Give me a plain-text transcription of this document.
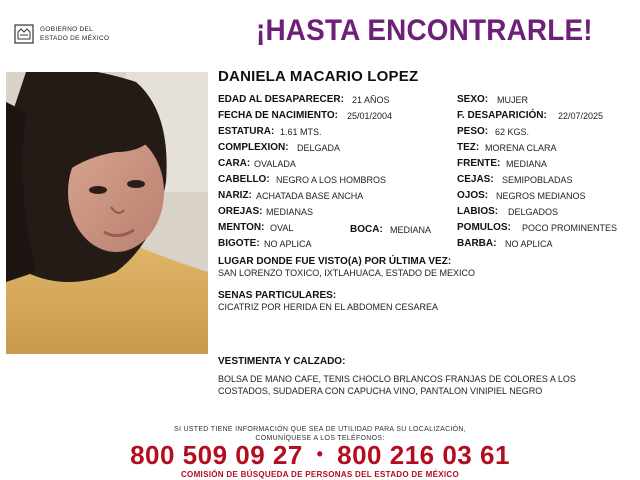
GOBIERNO DEL
ESTADO DE MÉXICO	¡HASTA ENCONTRARLE!
DANIELA MACARIO LOPEZ
EDAD AL DESAPARECER: 21 AÑOS
FECHA DE NACIMIENTO: 25/01/2004
ESTATURA: 1.61 MTS.
COMPLEXION: DELGADA
CARA: OVALADA
CABELLO: NEGRO A LOS HOMBROS
NARIZ: ACHATADA BASE ANCHA
OREJAS: MEDIANAS
MENTON: OVAL	BOCA: MEDIANA
BIGOTE: NO APLICA
SEXO: MUJER
F. DESAPARICIÓN: 22/07/2025
PESO: 62 KGS.
TEZ: MORENA CLARA
FRENTE: MEDIANA
CEJAS: SEMIPOBLADAS
OJOS: NEGROS MEDIANOS
LABIOS: DELGADOS
POMULOS: POCO PROMINENTES
BARBA: NO APLICA
LUGAR DONDE FUE VISTO(A) POR ÚLTIMA VEZ:
SAN LORENZO TOXICO, IXTLAHUACA, ESTADO DE MEXICO
SENAS PARTICULARES:
CICATRIZ POR HERIDA EN EL ABDOMEN CESAREA
VESTIMENTA Y CALZADO:
BOLSA DE MANO CAFE, TENIS CHOCLO BRLANCOS FRANJAS DE COLORES A LOS COSTADOS, SUDADERA CON CAPUCHA VINO, PANTALON VINIPIEL NEGRO
SI USTED TIENE INFORMACIÓN QUE SEA DE UTILIDAD PARA SU LOCALIZACIÓN,
COMUNÍQUESE A LOS TELÉFONOS:
800 509 09 27 • 800 216 03 61
COMISIÓN DE BÚSQUEDA DE PERSONAS DEL ESTADO DE MÉXICO
